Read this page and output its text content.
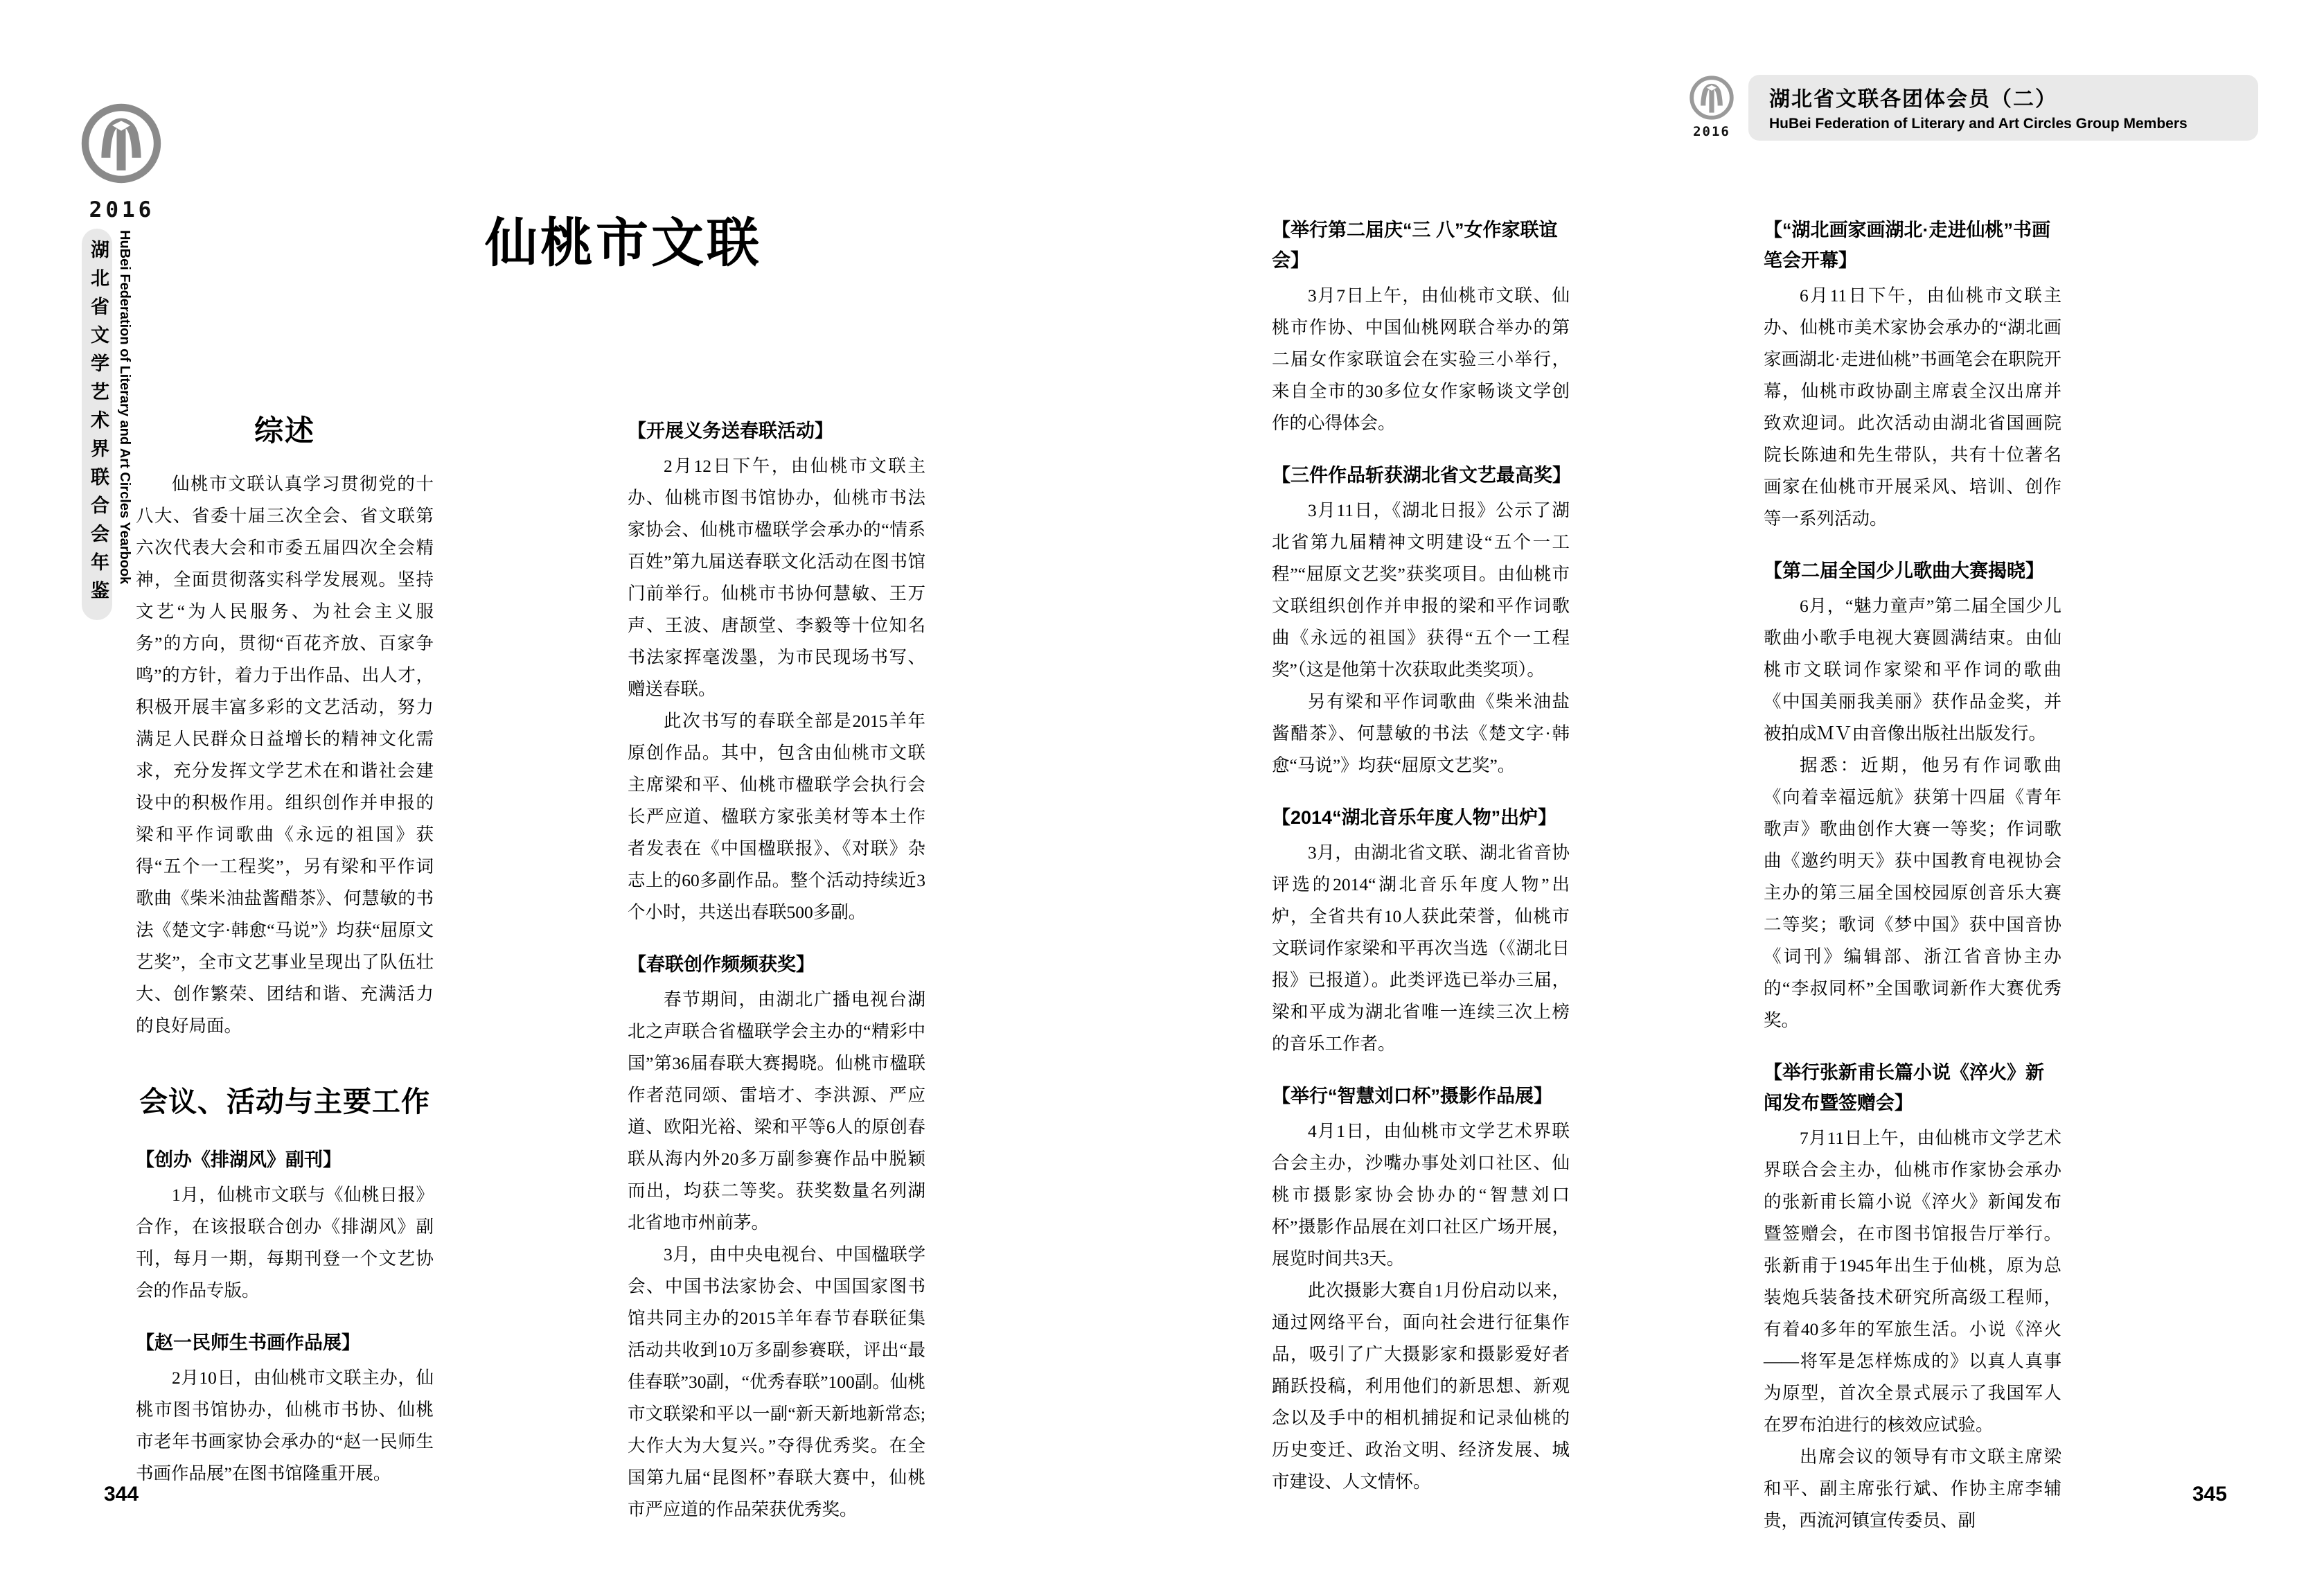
2016
湖北省文学艺术界联合会年鉴 HuBei Federation of Literary and Art Circles Yearbook
2016
湖北省文联各团体会员（二）
HuBei Federation of Literary and Art Circles Group Members
仙桃市文联
综述

仙桃市文联认真学习贯彻党的十八大、省委十届三次全会、省文联第六次代表大会和市委五届四次全会精神，全面贯彻落实科学发展观。坚持文艺“为人民服务、为社会主义服务”的方向，贯彻“百花齐放、百家争鸣”的方针，着力于出作品、出人才，积极开展丰富多彩的文艺活动，努力满足人民群众日益增长的精神文化需求，充分发挥文学艺术在和谐社会建设中的积极作用。组织创作并申报的梁和平作词歌曲《永远的祖国》获得“五个一工程奖”，另有梁和平作词歌曲《柴米油盐酱醋茶》、何慧敏的书法《楚文字·韩愈“马说”》均获“屈原文艺奖”，全市文艺事业呈现出了队伍壮大、创作繁荣、团结和谐、充满活力的良好局面。

会议、活动与主要工作
【创办《排湖风》副刊】

1月，仙桃市文联与《仙桃日报》合作，在该报联合创办《排湖风》副刊，每月一期，每期刊登一个文艺协会的作品专版。

【赵一民师生书画作品展】

2月10日，由仙桃市文联主办，仙桃市图书馆协办，仙桃市书协、仙桃市老年书画家协会承办的“赵一民师生书画作品展”在图书馆隆重开展。

【开展义务送春联活动】

2月12日下午，由仙桃市文联主办、仙桃市图书馆协办，仙桃市书法家协会、仙桃市楹联学会承办的“情系百姓”第九届送春联文化活动在图书馆门前举行。仙桃市书协何慧敏、王万声、王波、唐颉堂、李毅等十位知名书法家挥毫泼墨，为市民现场书写、赠送春联。

此次书写的春联全部是2015羊年原创作品。其中，包含由仙桃市文联主席梁和平、仙桃市楹联学会执行会长严应道、楹联方家张美材等本土作者发表在《中国楹联报》、《对联》杂志上的60多副作品。整个活动持续近3个小时，共送出春联500多副。

【春联创作频频获奖】

春节期间，由湖北广播电视台湖北之声联合省楹联学会主办的“精彩中国”第36届春联大赛揭晓。仙桃市楹联作者范同颂、雷培才、李洪源、严应道、欧阳光裕、梁和平等6人的原创春联从海内外20多万副参赛作品中脱颖而出，均获二等奖。获奖数量名列湖北省地市州前茅。

3月，由中央电视台、中国楹联学会、中国书法家协会、中国国家图书馆共同主办的2015羊年春节春联征集活动共收到10万多副参赛联，评出“最佳春联”30副，“优秀春联”100副。仙桃市文联梁和平以一副“新天新地新常态; 大作大为大复兴。”夺得优秀奖。在全国第九届“昆图杯”春联大赛中，仙桃市严应道的作品荣获优秀奖。

【举行第二届庆“三 八”女作家联谊会】

3月7日上午，由仙桃市文联、仙桃市作协、中国仙桃网联合举办的第二届女作家联谊会在实验三小举行，来自全市的30多位女作家畅谈文学创作的心得体会。

【三件作品斩获湖北省文艺最高奖】

3月11日，《湖北日报》公示了湖北省第九届精神文明建设“五个一工程”“屈原文艺奖”获奖项目。由仙桃市文联组织创作并申报的梁和平作词歌曲《永远的祖国》获得“五个一工程奖”（这是他第十次获取此类奖项）。

另有梁和平作词歌曲《柴米油盐酱醋茶》、何慧敏的书法《楚文字·韩愈“马说”》均获“屈原文艺奖”。

【2014“湖北音乐年度人物”出炉】

3月，由湖北省文联、湖北省音协评选的2014“湖北音乐年度人物”出炉，全省共有10人获此荣誉，仙桃市文联词作家梁和平再次当选（《湖北日报》已报道）。此类评选已举办三届，梁和平成为湖北省唯一连续三次上榜的音乐工作者。

【举行“智慧刘口杯”摄影作品展】

4月1日，由仙桃市文学艺术界联合会主办，沙嘴办事处刘口社区、仙桃市摄影家协会协办的“智慧刘口杯”摄影作品展在刘口社区广场开展，展览时间共3天。

此次摄影大赛自1月份启动以来，通过网络平台，面向社会进行征集作品，吸引了广大摄影家和摄影爱好者踊跃投稿，利用他们的新思想、新观念以及手中的相机捕捉和记录仙桃的历史变迁、政治文明、经济发展、城市建设、人文情怀。

【“湖北画家画湖北·走进仙桃”书画笔会开幕】

6月11日下午，由仙桃市文联主办、仙桃市美术家协会承办的“湖北画家画湖北·走进仙桃”书画笔会在职院开幕，仙桃市政协副主席袁全汉出席并致欢迎词。此次活动由湖北省国画院院长陈迪和先生带队，共有十位著名画家在仙桃市开展采风、培训、创作等一系列活动。

【第二届全国少儿歌曲大赛揭晓】

6月，“魅力童声”第二届全国少儿歌曲小歌手电视大赛圆满结束。由仙桃市文联词作家梁和平作词的歌曲《中国美丽我美丽》获作品金奖，并被拍成ＭＶ由音像出版社出版发行。

据悉：近期，他另有作词歌曲《向着幸福远航》获第十四届《青年歌声》歌曲创作大赛一等奖；作词歌曲《邀约明天》获中国教育电视协会主办的第三届全国校园原创音乐大赛二等奖；歌词《梦中国》获中国音协《词刊》编辑部、浙江省音协主办的“李叔同杯”全国歌词新作大赛优秀奖。

【举行张新甫长篇小说《淬火》新闻发布暨签赠会】

7月11日上午，由仙桃市文学艺术界联合会主办，仙桃市作家协会承办的张新甫长篇小说《淬火》新闻发布暨签赠会，在市图书馆报告厅举行。张新甫于1945年出生于仙桃，原为总装炮兵装备技术研究所高级工程师，有着40多年的军旅生活。小说《淬火——将军是怎样炼成的》以真人真事为原型，首次全景式展示了我国军人在罗布泊进行的核效应试验。

出席会议的领导有市文联主席梁和平、副主席张行斌、作协主席李辅贵，西流河镇宣传委员、副

344	345
